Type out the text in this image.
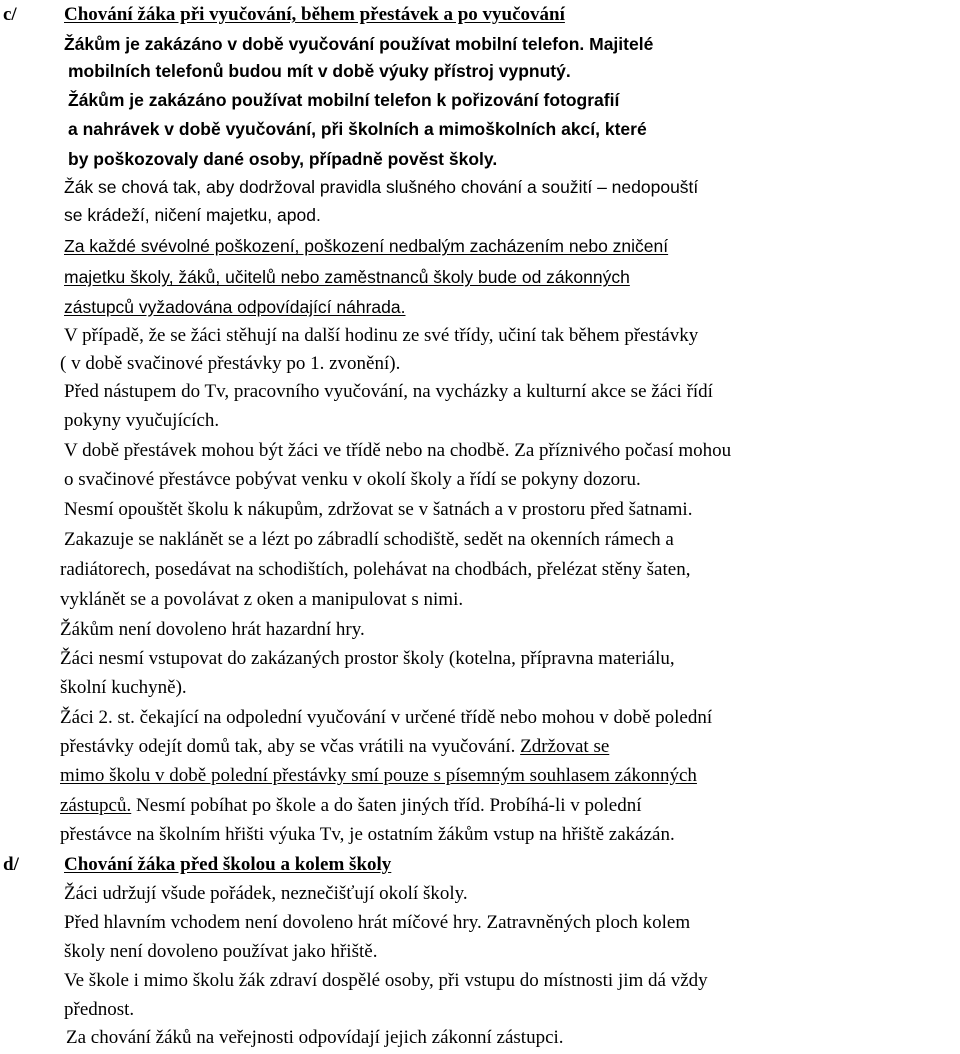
c/ Chování žáka při vyučování, během přestávek a po vyučování
Žákům je zakázáno v době vyučování používat mobilní telefon. Majitelé
mobilních telefonů budou mít v době výuky přístroj vypnutý.
Žákům je zakázáno používat mobilní telefon k pořizování fotografií
a nahrávek v době vyučování, při školních a mimoškolních akcí, které
by poškozovaly dané osoby, případně pověst školy.
Žák se chová tak, aby dodržoval pravidla slušného chování a soužití – nedopouští
se krádeží, ničení majetku, apod.
Za každé svévolné poškození, poškození nedbalým zacházením nebo zničení
majetku školy, žáků, učitelů nebo zaměstnanců školy bude od zákonných
zástupců vyžadována odpovídající náhrada.
V případě, že se žáci stěhují na další hodinu ze své třídy, učiní tak během přestávky
( v době svačinové přestávky po 1. zvonění).
Před nástupem do Tv, pracovního vyučování, na vycházky a kulturní akce se žáci řídí
pokyny vyučujících.
V době přestávek mohou být žáci ve třídě nebo na chodbě. Za příznivého počasí mohou
o svačinové přestávce pobývat venku v okolí školy a řídí se pokyny dozoru.
Nesmí opouštět školu k nákupům, zdržovat se v šatnách a v prostoru před šatnami.
Zakazuje se naklánět se a lézt po zábradlí schodiště, sedět na okenních rámech a
radiátorech, posedávat na schodištích, polehávat na chodbách, přelézat stěny šaten,
vyklánět se a povolávat z oken a manipulovat s nimi.
Žákům není dovoleno hrát hazardní hry.
Žáci nesmí vstupovat do zakázaných prostor školy (kotelna, přípravna materiálu,
školní kuchyně).
Žáci 2. st. čekající na odpolední vyučování v určené třídě nebo mohou v době polední
přestávky odejít domů tak, aby se včas vrátili na vyučování. Zdržovat se
mimo školu v době polední přestávky smí pouze s písemným souhlasem zákonných
zástupců. Nesmí pobíhat po škole a do šaten jiných tříd. Probíhá-li v polední
přestávce na školním hřišti výuka Tv, je ostatním žákům vstup na hřiště zakázán.
d/ Chování žáka před školou a kolem školy
Žáci udržují všude pořádek, neznečišťují okolí školy.
Před hlavním vchodem není dovoleno hrát míčové hry. Zatravněných ploch kolem
školy není dovoleno používat jako hřiště.
Ve škole i mimo školu žák zdraví dospělé osoby, při vstupu do místnosti jim dá vždy
přednost.
Za chování žáků na veřejnosti odpovídají jejich zákonní zástupci.
